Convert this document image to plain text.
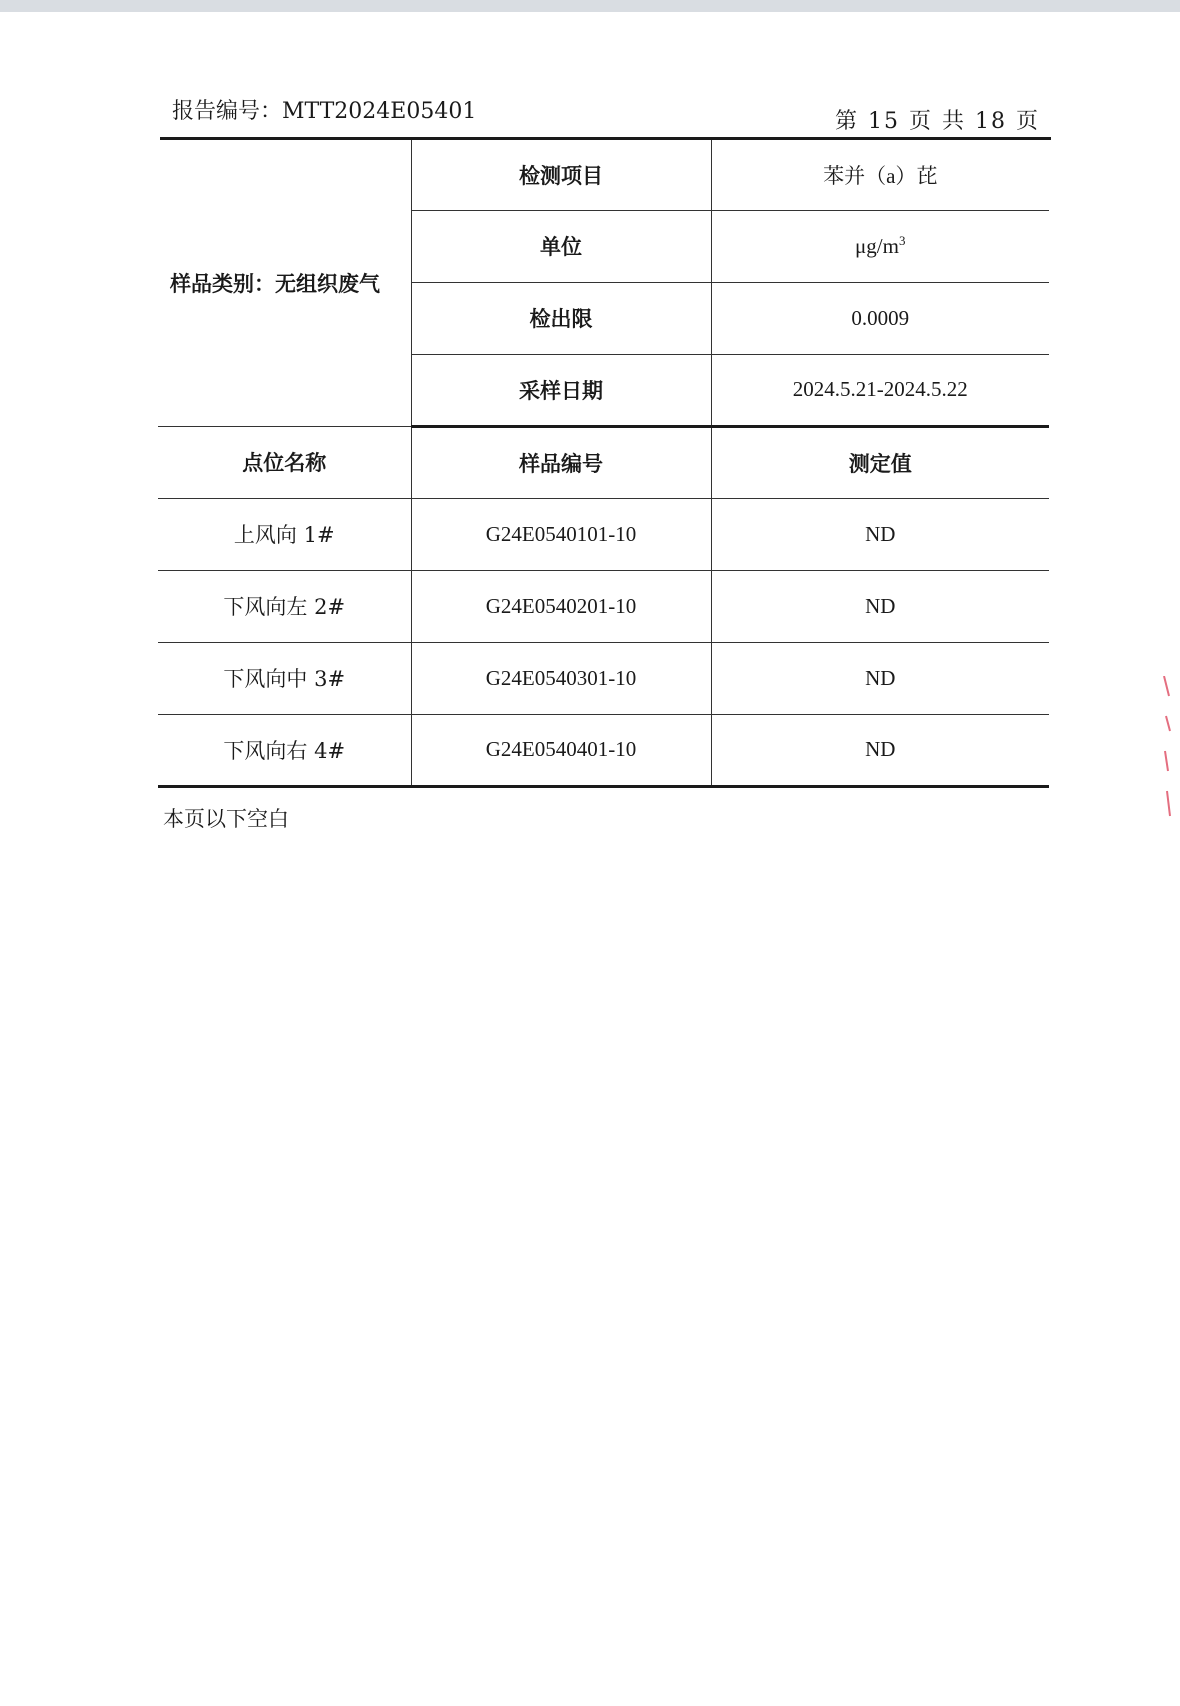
报告编号：MTT2024E05401	第 15 页 共 18 页
样品类别：无组织废气	检测项目	苯并（a）芘
	单位	$\mu g/m^3$
	检出限	0.0009
	采样日期	2024.5.21-2024.5.22
点位名称	样品编号	测定值
上风向 1#	G24E0540101-10	ND
下风向左 2#	G24E0540201-10	ND
下风向中 3#	G24E0540301-10	ND
下风向右 4#	G24E0540401-10	ND
本页以下空白
